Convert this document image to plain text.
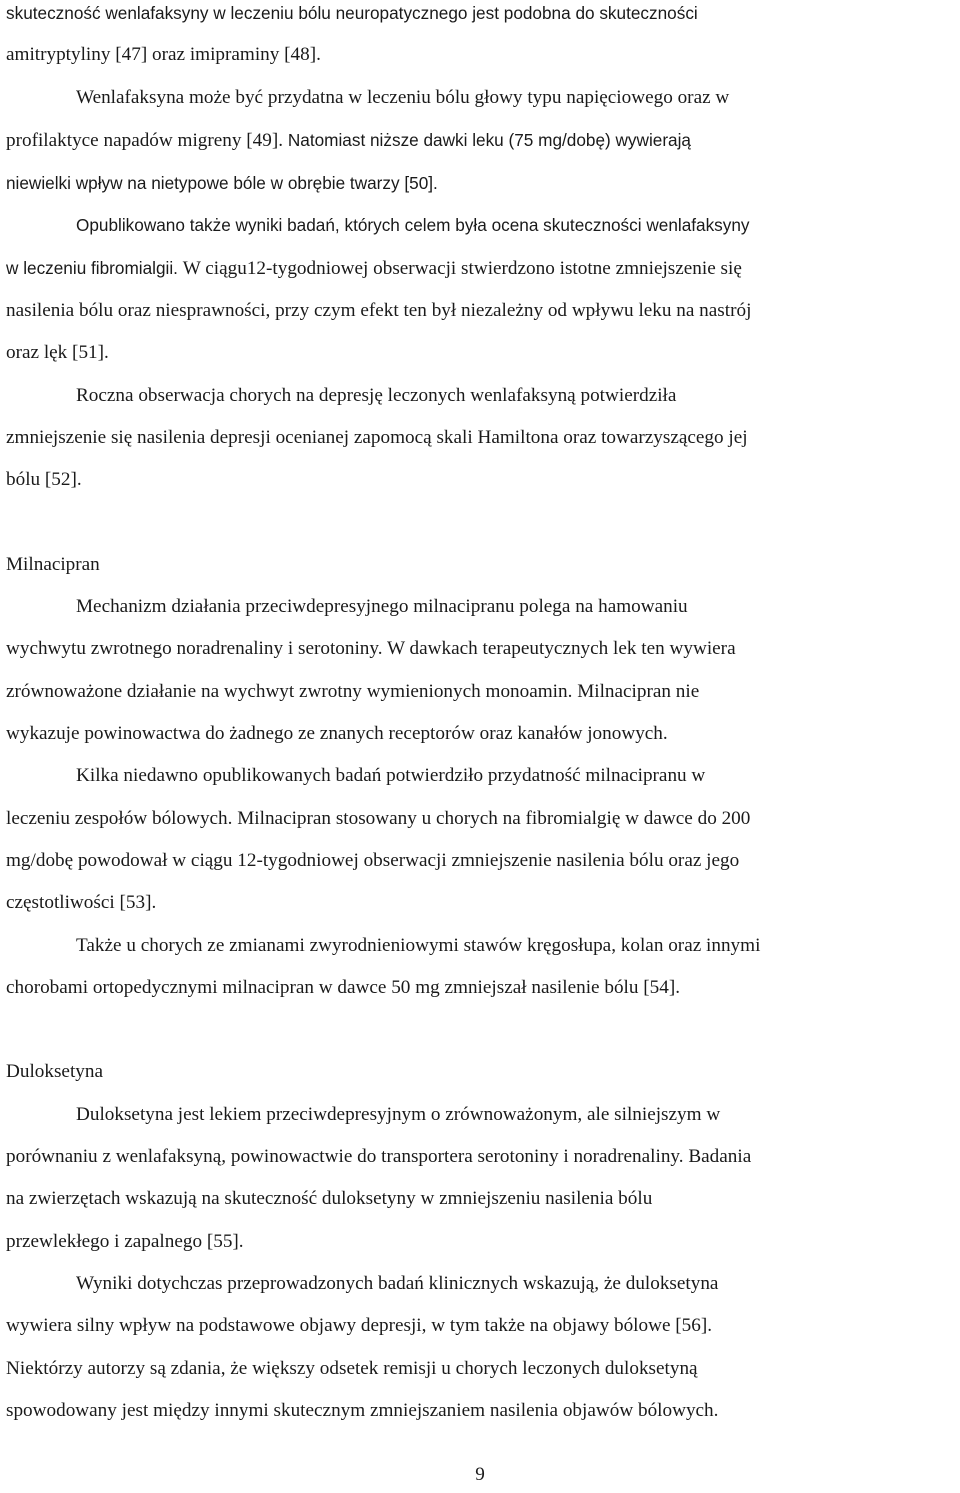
skuteczność wenlafaksyny w leczeniu bólu neuropatycznego jest podobna do skuteczności
amitryptyliny [47] oraz imipraminy [48].

Wenlafaksyna może być przydatna w leczeniu bólu głowy typu napięciowego oraz w
profilaktyce napadów migreny [49]. Natomiast niższe dawki leku (75 mg/dobę) wywierają
niewielki wpływ na nietypowe bóle w obrębie twarzy [50].

Opublikowano także wyniki badań, których celem była ocena skuteczności wenlafaksyny
w leczeniu fibromialgii. W ciągu12-tygodniowej obserwacji stwierdzono istotne zmniejszenie się
nasilenia bólu oraz niesprawności, przy czym efekt ten był niezależny od wpływu leku na nastrój
oraz lęk [51].

Roczna obserwacja chorych na depresję leczonych wenlafaksyną potwierdziła
zmniejszenie się nasilenia depresji ocenianej zapomocą skali Hamiltona oraz towarzyszącego jej
bólu [52].

Milnacipran

Mechanizm działania przeciwdepresyjnego milnacipranu polega na hamowaniu
wychwytu zwrotnego noradrenaliny i serotoniny. W dawkach terapeutycznych lek ten wywiera
zrównoważone działanie na wychwyt zwrotny wymienionych monoamin. Milnacipran nie
wykazuje powinowactwa do żadnego ze znanych receptorów oraz kanałów jonowych.

Kilka niedawno opublikowanych badań potwierdziło przydatność milnacipranu w
leczeniu zespołów bólowych. Milnacipran stosowany u chorych na fibromialgię w dawce do 200
mg/dobę powodował w ciągu 12-tygodniowej obserwacji zmniejszenie nasilenia bólu oraz jego
częstotliwości [53].

Także u chorych ze zmianami zwyrodnieniowymi stawów kręgosłupa, kolan oraz innymi
chorobami ortopedycznymi milnacipran w dawce 50 mg zmniejszał nasilenie bólu [54].

Duloksetyna

Duloksetyna jest lekiem przeciwdepresyjnym o zrównoważonym, ale silniejszym w
porównaniu z wenlafaksyną, powinowactwie do transportera serotoniny i noradrenaliny. Badania
na zwierzętach wskazują na skuteczność duloksetyny w zmniejszeniu nasilenia bólu
przewlekłego i zapalnego [55].

Wyniki dotychczas przeprowadzonych badań klinicznych wskazują, że duloksetyna
wywiera silny wpływ na podstawowe objawy depresji, w tym także na objawy bólowe [56].
Niektórzy autorzy są zdania, że większy odsetek remisji u chorych leczonych duloksetyną
spowodowany jest między innymi skutecznym zmniejszaniem nasilenia objawów bólowych.

9
